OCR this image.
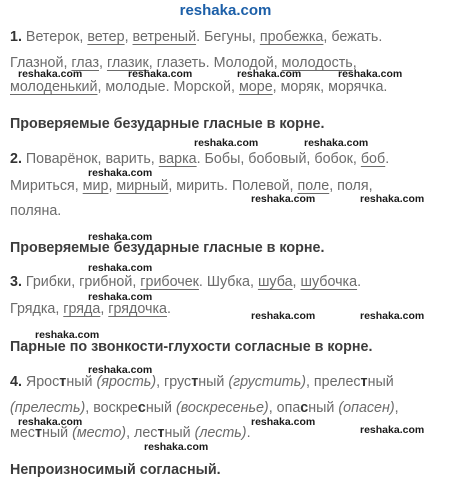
reshaka.com
1. Ветерок, ветер, ветреный. Бегуны, пробежка, бежать.
Глазной, глаз, глазик, глазеть. Молодой, молодость,
молоденький, молодые. Морской, море, моряк, морячка.
Проверяемые безударные гласные в корне.
2. Поварёнок, варить, варка. Бобы, бобовый, бобок, боб.
Мириться, мир, мирный, мирить. Полевой, поле, поля,
поляна.
Проверяемые безударные гласные в корне.
3. Грибки, грибной, грибочек. Шубка, шуба, шубочка.
Грядка, гряда, грядочка.
Парные по звонкости-глухости согласные в корне.
4. Яростный (ярость), грустный (грустить), прелестный
(прелесть), воскресный (воскресенье), опасный (опасен),
местный (место), лестный (лесть).
Непроизносимый согласный.
reshaka.com	reshaka.com	reshaka.com	reshaka.com
reshaka.com	reshaka.com
reshaka.com
reshaka.com	reshaka.com
reshaka.com
reshaka.com
reshaka.com
reshaka.com	reshaka.com
reshaka.com
reshaka.com
reshaka.com	reshaka.com
reshaka.com
reshaka.com
